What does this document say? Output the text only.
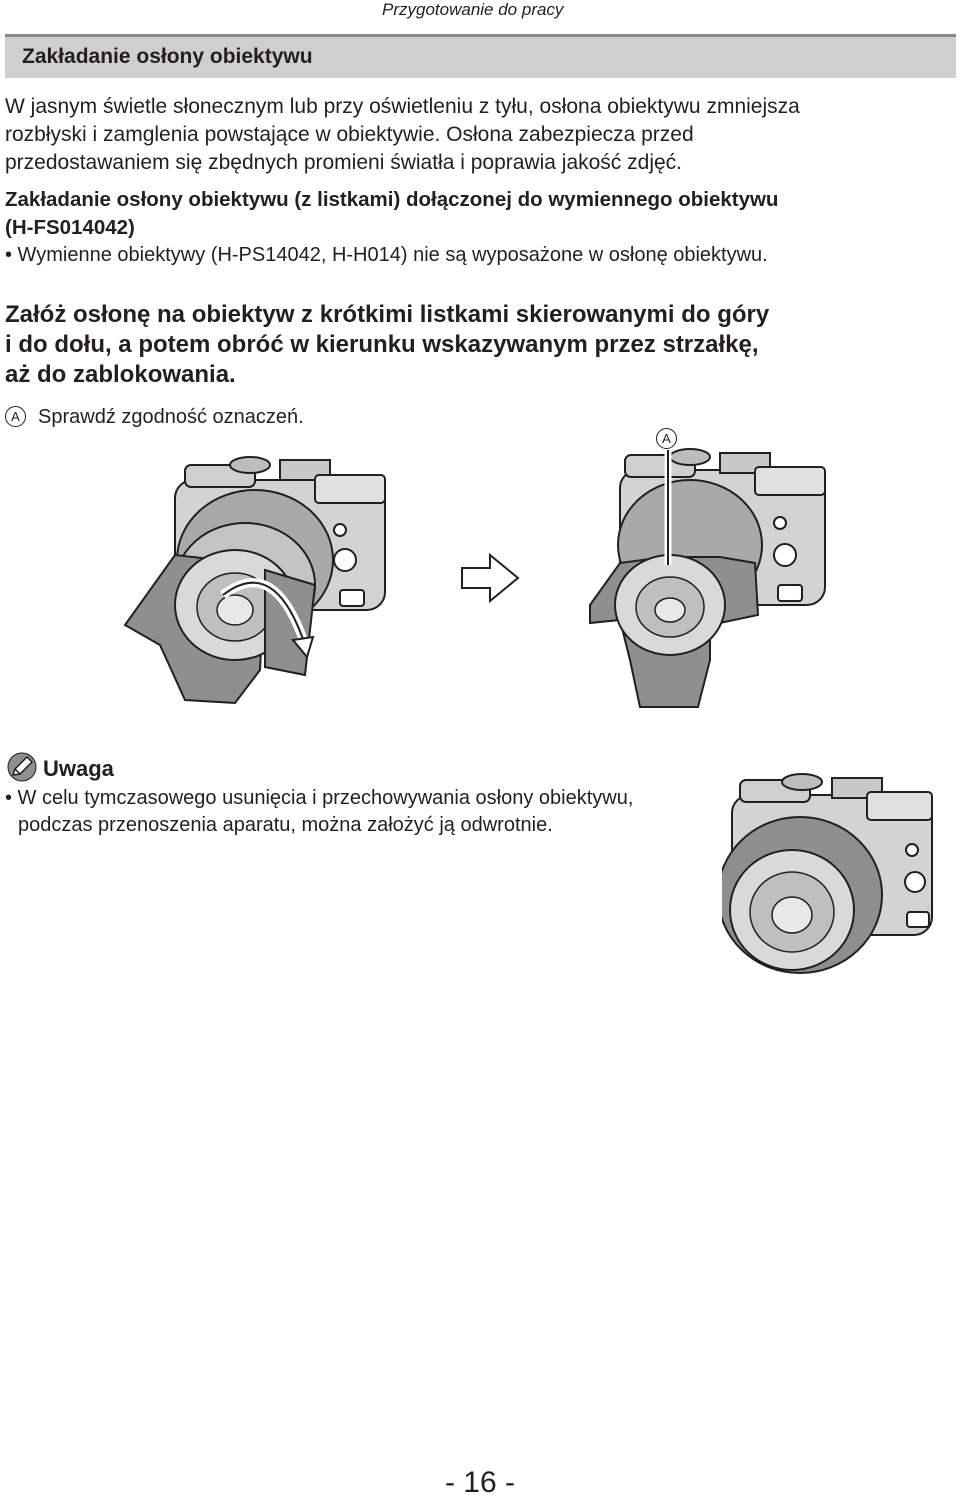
Przygotowanie do pracy
Zakładanie osłony obiektywu
W jasnym świetle słonecznym lub przy oświetleniu z tyłu, osłona obiektywu zmniejsza
rozbłyski i zamglenia powstające w obiektywie. Osłona zabezpiecza przed
przedostawaniem się zbędnych promieni światła i poprawia jakość zdjęć.
Zakładanie osłony obiektywu (z listkami) dołączonej do wymiennego obiektywu
(H-FS014042)
• Wymienne obiektywy (H-PS14042, H-H014) nie są wyposażone w osłonę obiektywu.
Załóż osłonę na obiektyw z krótkimi listkami skierowanymi do góry
i do dołu, a potem obróć w kierunku wskazywanym przez strzałkę,
aż do zablokowania.
A Sprawdź zgodność oznaczeń.
A
Uwaga
• W celu tymczasowego usunięcia i przechowywania osłony obiektywu,
podczas przenoszenia aparatu, można założyć ją odwrotnie.
- 16 -
